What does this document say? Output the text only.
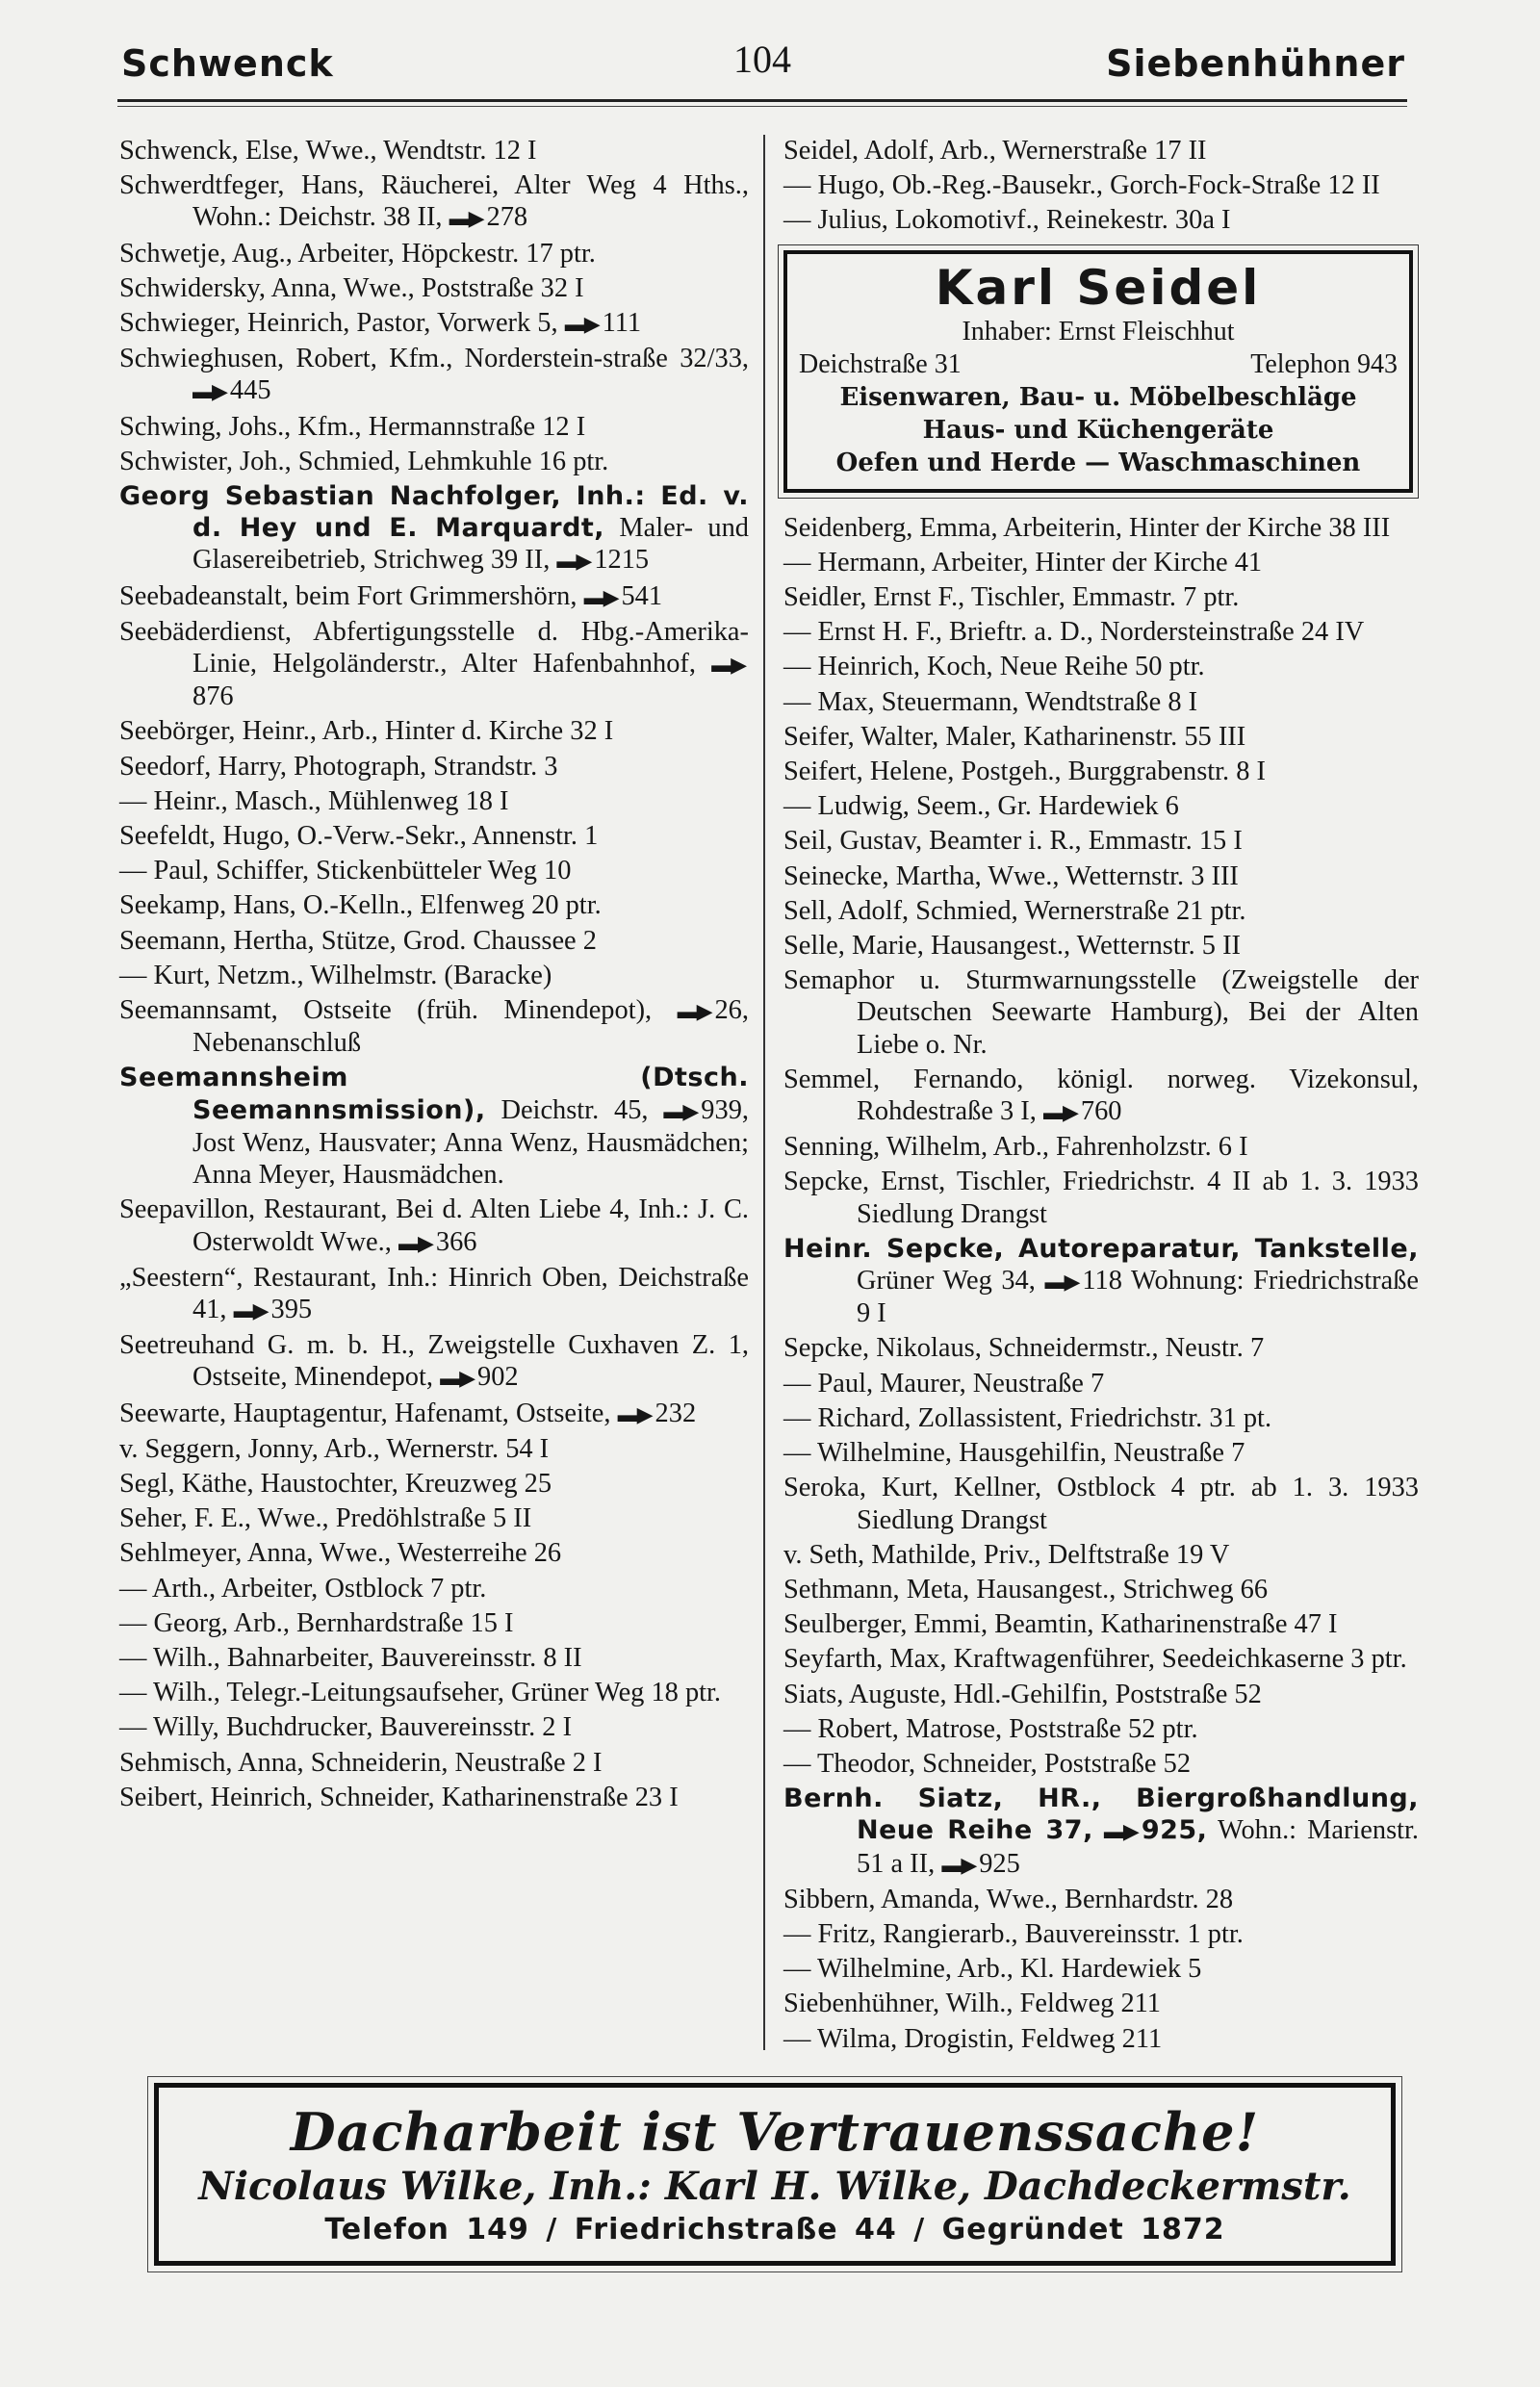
Schwenck	104	Siebenhühner
Schwenck, Else, Wwe., Wendtstr. 12 I
Schwerdtfeger, Hans, Räucherei, Alter Weg 4 Hths., Wohn.: Deichstr. 38 II, ▬▶ 278
Schwetje, Aug., Arbeiter, Höpckestr. 17 ptr.
Schwidersky, Anna, Wwe., Poststraße 32 I
Schwieger, Heinrich, Pastor, Vorwerk 5, ▬▶ 111
Schwieghusen, Robert, Kfm., Norderstein-straße 32/33, ▬▶ 445
Schwing, Johs., Kfm., Hermannstraße 12 I
Schwister, Joh., Schmied, Lehmkuhle 16 ptr.
Georg Sebastian Nachfolger, Inh.: Ed. v. d. Hey und E. Marquardt, Maler- und Glasereibetrieb, Strichweg 39 II, ▬▶ 1215
Seebadeanstalt, beim Fort Grimmershörn, ▬▶ 541
Seebäderdienst, Abfertigungsstelle d. Hbg.-Amerika-Linie, Helgoländerstr., Alter Hafenbahnhof, ▬▶876
Seebörger, Heinr., Arb., Hinter d. Kirche 32 I
Seedorf, Harry, Photograph, Strandstr. 3
— Heinr., Masch., Mühlenweg 18 I
Seefeldt, Hugo, O.-Verw.-Sekr., Annenstr. 1
— Paul, Schiffer, Stickenbütteler Weg 10
Seekamp, Hans, O.-Kelln., Elfenweg 20 ptr.
Seemann, Hertha, Stütze, Grod. Chaussee 2
— Kurt, Netzm., Wilhelmstr. (Baracke)
Seemannsamt, Ostseite (früh. Minendepot), ▬▶ 26, Nebenanschluß
Seemannsheim (Dtsch. Seemannsmission), Deichstr. 45, ▬▶ 939, Jost Wenz, Hausvater; Anna Wenz, Hausmädchen; Anna Meyer, Hausmädchen.
Seepavillon, Restaurant, Bei d. Alten Liebe 4, Inh.: J. C. Osterwoldt Wwe., ▬▶ 366
„Seestern“, Restaurant, Inh.: Hinrich Oben, Deichstraße 41, ▬▶ 395
Seetreuhand G. m. b. H., Zweigstelle Cuxhaven Z. 1, Ostseite, Minendepot, ▬▶ 902
Seewarte, Hauptagentur, Hafenamt, Ostseite, ▬▶ 232
v. Seggern, Jonny, Arb., Wernerstr. 54 I
Segl, Käthe, Haustochter, Kreuzweg 25
Seher, F. E., Wwe., Predöhlstraße 5 II
Sehlmeyer, Anna, Wwe., Westerreihe 26
— Arth., Arbeiter, Ostblock 7 ptr.
— Georg, Arb., Bernhardstraße 15 I
— Wilh., Bahnarbeiter, Bauvereinsstr. 8 II
— Wilh., Telegr.-Leitungsaufseher, Grüner Weg 18 ptr.
— Willy, Buchdrucker, Bauvereinsstr. 2 I
Sehmisch, Anna, Schneiderin, Neustraße 2 I
Seibert, Heinrich, Schneider, Katharinenstraße 23 I
Seidel, Adolf, Arb., Wernerstraße 17 II
— Hugo, Ob.-Reg.-Bausekr., Gorch-Fock-Straße 12 II
— Julius, Lokomotivf., Reinekestr. 30a I
Karl Seidel
Inhaber: Ernst Fleischhut
Deichstraße 31	Telephon 943
Eisenwaren, Bau- u. Möbelbeschläge
Haus- und Küchengeräte
Oefen und Herde — Waschmaschinen
Seidenberg, Emma, Arbeiterin, Hinter der Kirche 38 III
— Hermann, Arbeiter, Hinter der Kirche 41
Seidler, Ernst F., Tischler, Emmastr. 7 ptr.
— Ernst H. F., Brieftr. a. D., Nordersteinstraße 24 IV
— Heinrich, Koch, Neue Reihe 50 ptr.
— Max, Steuermann, Wendtstraße 8 I
Seifer, Walter, Maler, Katharinenstr. 55 III
Seifert, Helene, Postgeh., Burggrabenstr. 8 I
— Ludwig, Seem., Gr. Hardewiek 6
Seil, Gustav, Beamter i. R., Emmastr. 15 I
Seinecke, Martha, Wwe., Wetternstr. 3 III
Sell, Adolf, Schmied, Wernerstraße 21 ptr.
Selle, Marie, Hausangest., Wetternstr. 5 II
Semaphor u. Sturmwarnungsstelle (Zweigstelle der Deutschen Seewarte Hamburg), Bei der Alten Liebe o. Nr.
Semmel, Fernando, königl. norweg. Vizekonsul, Rohdestraße 3 I, ▬▶ 760
Senning, Wilhelm, Arb., Fahrenholzstr. 6 I
Sepcke, Ernst, Tischler, Friedrichstr. 4 II ab 1. 3. 1933 Siedlung Drangst
Heinr. Sepcke, Autoreparatur, Tankstelle, Grüner Weg 34, ▬▶ 118 Wohnung: Friedrichstraße 9 I
Sepcke, Nikolaus, Schneidermstr., Neustr. 7
— Paul, Maurer, Neustraße 7
— Richard, Zollassistent, Friedrichstr. 31 pt.
— Wilhelmine, Hausgehilfin, Neustraße 7
Seroka, Kurt, Kellner, Ostblock 4 ptr. ab 1. 3. 1933 Siedlung Drangst
v. Seth, Mathilde, Priv., Delftstraße 19 V
Sethmann, Meta, Hausangest., Strichweg 66
Seulberger, Emmi, Beamtin, Katharinenstraße 47 I
Seyfarth, Max, Kraftwagenführer, Seedeichkaserne 3 ptr.
Siats, Auguste, Hdl.-Gehilfin, Poststraße 52
— Robert, Matrose, Poststraße 52 ptr.
— Theodor, Schneider, Poststraße 52
Bernh. Siatz, HR., Biergroßhandlung, Neue Reihe 37, ▬▶ 925, Wohn.: Marienstr. 51 a II, ▬▶ 925
Sibbern, Amanda, Wwe., Bernhardstr. 28
— Fritz, Rangierarb., Bauvereinsstr. 1 ptr.
— Wilhelmine, Arb., Kl. Hardewiek 5
Siebenhühner, Wilh., Feldweg 211
— Wilma, Drogistin, Feldweg 211
Dacharbeit ist Vertrauenssache!
Nicolaus Wilke, Inh.: Karl H. Wilke, Dachdeckermstr.
Telefon 149 / Friedrichstraße 44 / Gegründet 1872
